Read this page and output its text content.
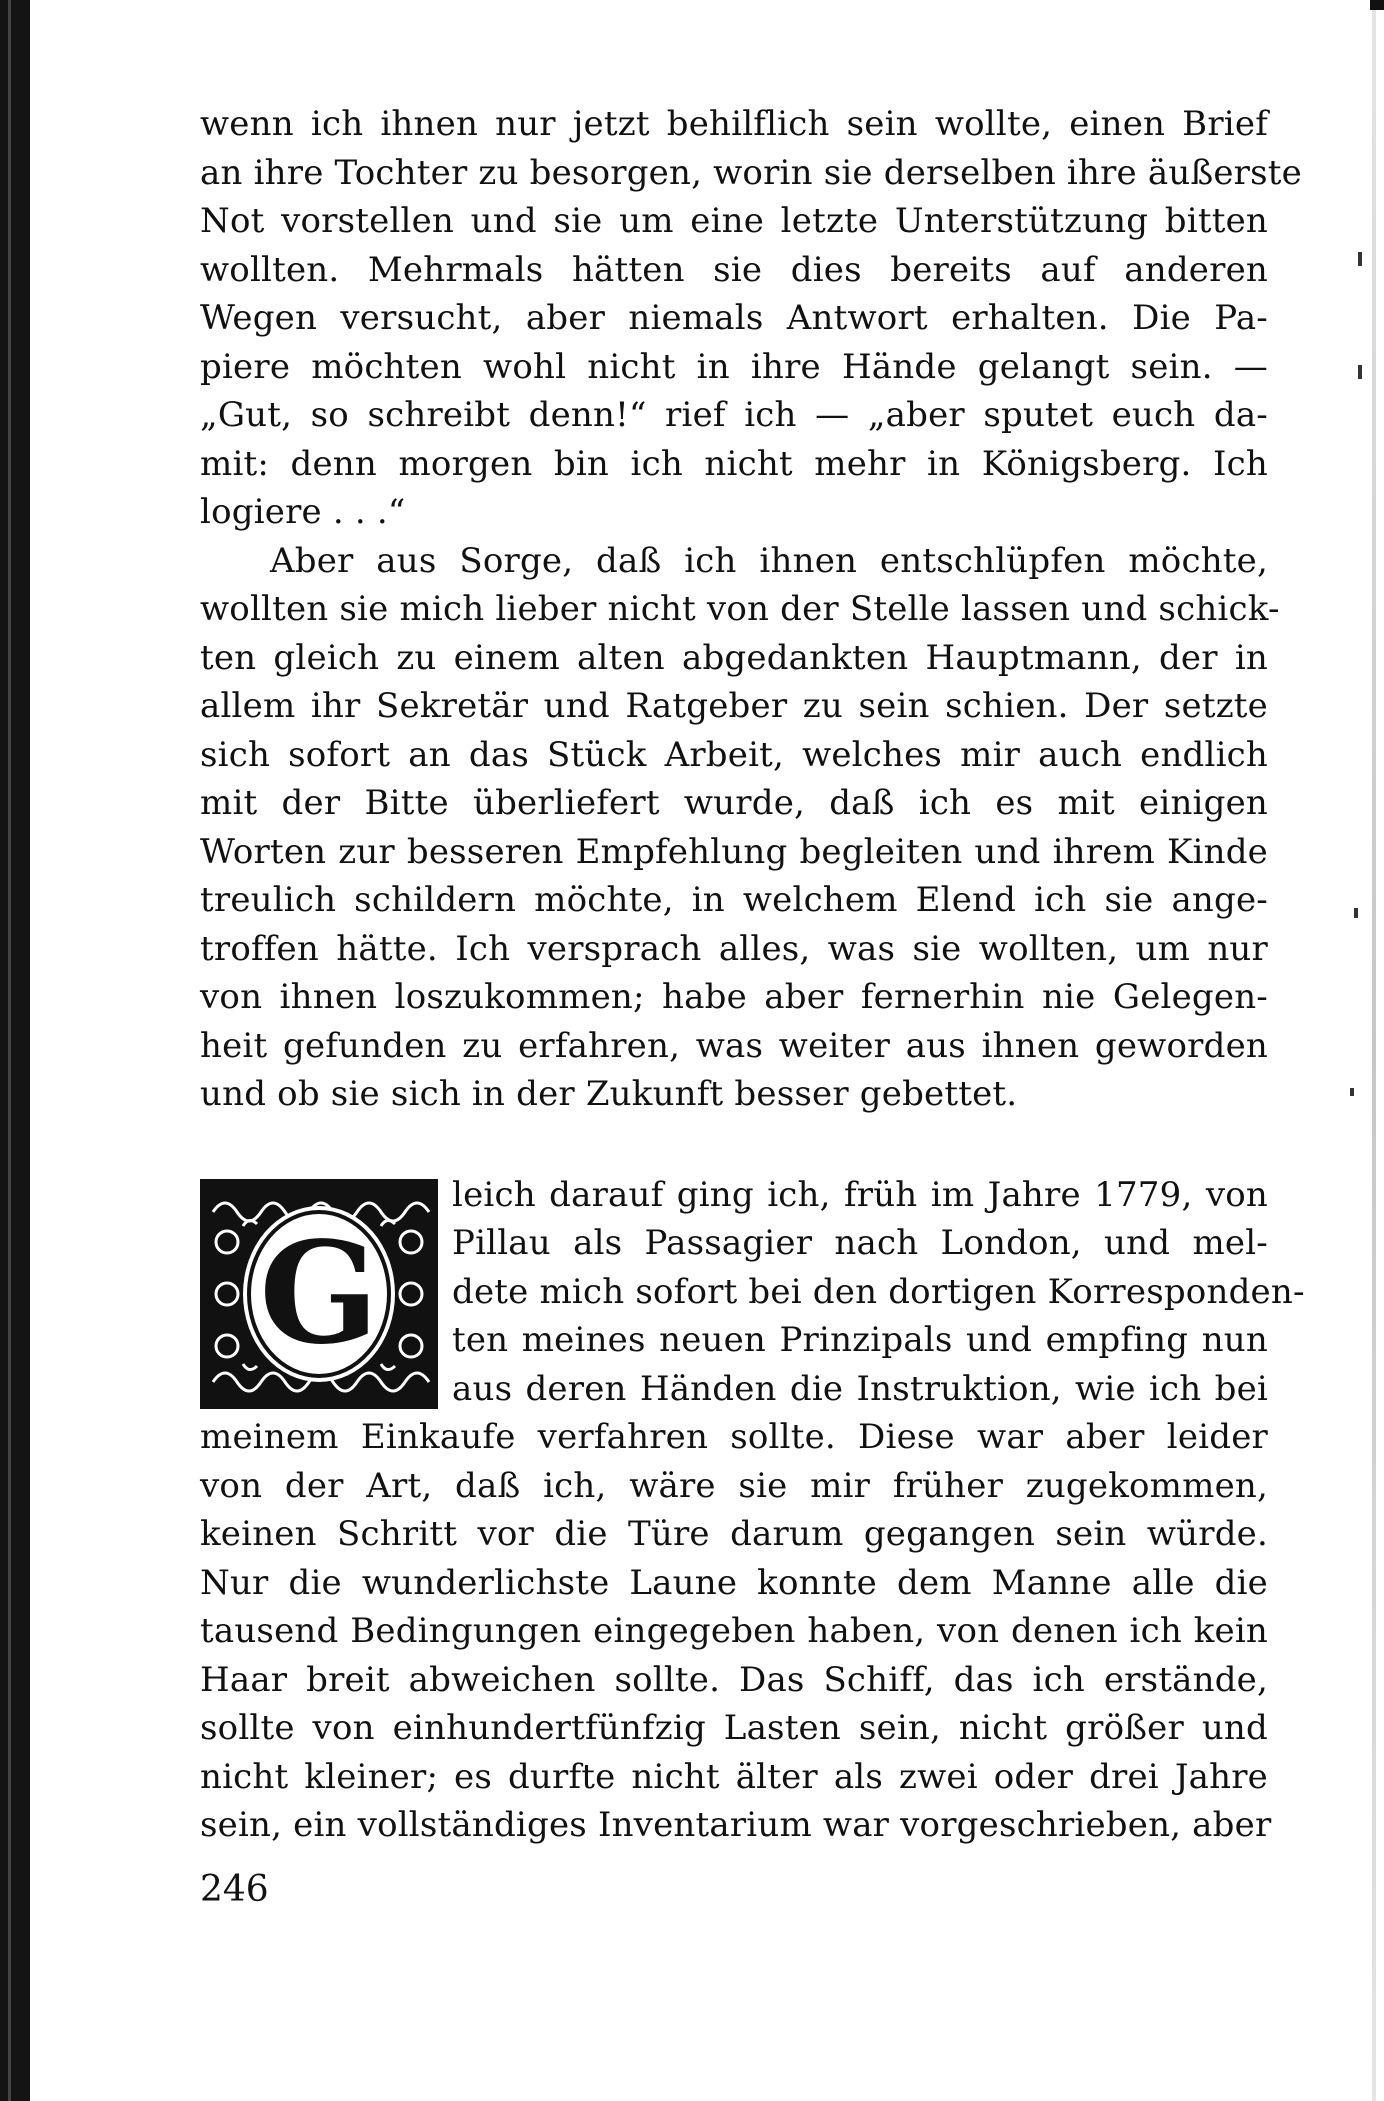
wenn ich ihnen nur jetzt behilflich sein wollte, einen Brief
an ihre Tochter zu besorgen, worin sie derselben ihre äußerste
Not vorstellen und sie um eine letzte Unterstützung bitten
wollten. Mehrmals hätten sie dies bereits auf anderen
Wegen versucht, aber niemals Antwort erhalten. Die Pa-
piere möchten wohl nicht in ihre Hände gelangt sein. —
„Gut, so schreibt denn!“ rief ich — „aber sputet euch da-
mit: denn morgen bin ich nicht mehr in Königsberg. Ich
logiere . . .“
Aber aus Sorge, daß ich ihnen entschlüpfen möchte,
wollten sie mich lieber nicht von der Stelle lassen und schick-
ten gleich zu einem alten abgedankten Hauptmann, der in
allem ihr Sekretär und Ratgeber zu sein schien. Der setzte
sich sofort an das Stück Arbeit, welches mir auch endlich
mit der Bitte überliefert wurde, daß ich es mit einigen
Worten zur besseren Empfehlung begleiten und ihrem Kinde
treulich schildern möchte, in welchem Elend ich sie ange-
troffen hätte. Ich versprach alles, was sie wollten, um nur
von ihnen loszukommen; habe aber fernerhin nie Gelegen-
heit gefunden zu erfahren, was weiter aus ihnen geworden
und ob sie sich in der Zukunft besser gebettet.
G
leich darauf ging ich, früh im Jahre 1779, von
Pillau als Passagier nach London, und mel-
dete mich sofort bei den dortigen Korresponden-
ten meines neuen Prinzipals und empfing nun
aus deren Händen die Instruktion, wie ich bei
meinem Einkaufe verfahren sollte. Diese war aber leider
von der Art, daß ich, wäre sie mir früher zugekommen,
keinen Schritt vor die Türe darum gegangen sein würde.
Nur die wunderlichste Laune konnte dem Manne alle die
tausend Bedingungen eingegeben haben, von denen ich kein
Haar breit abweichen sollte. Das Schiff, das ich erstände,
sollte von einhundertfünfzig Lasten sein, nicht größer und
nicht kleiner; es durfte nicht älter als zwei oder drei Jahre
sein, ein vollständiges Inventarium war vorgeschrieben, aber
246
